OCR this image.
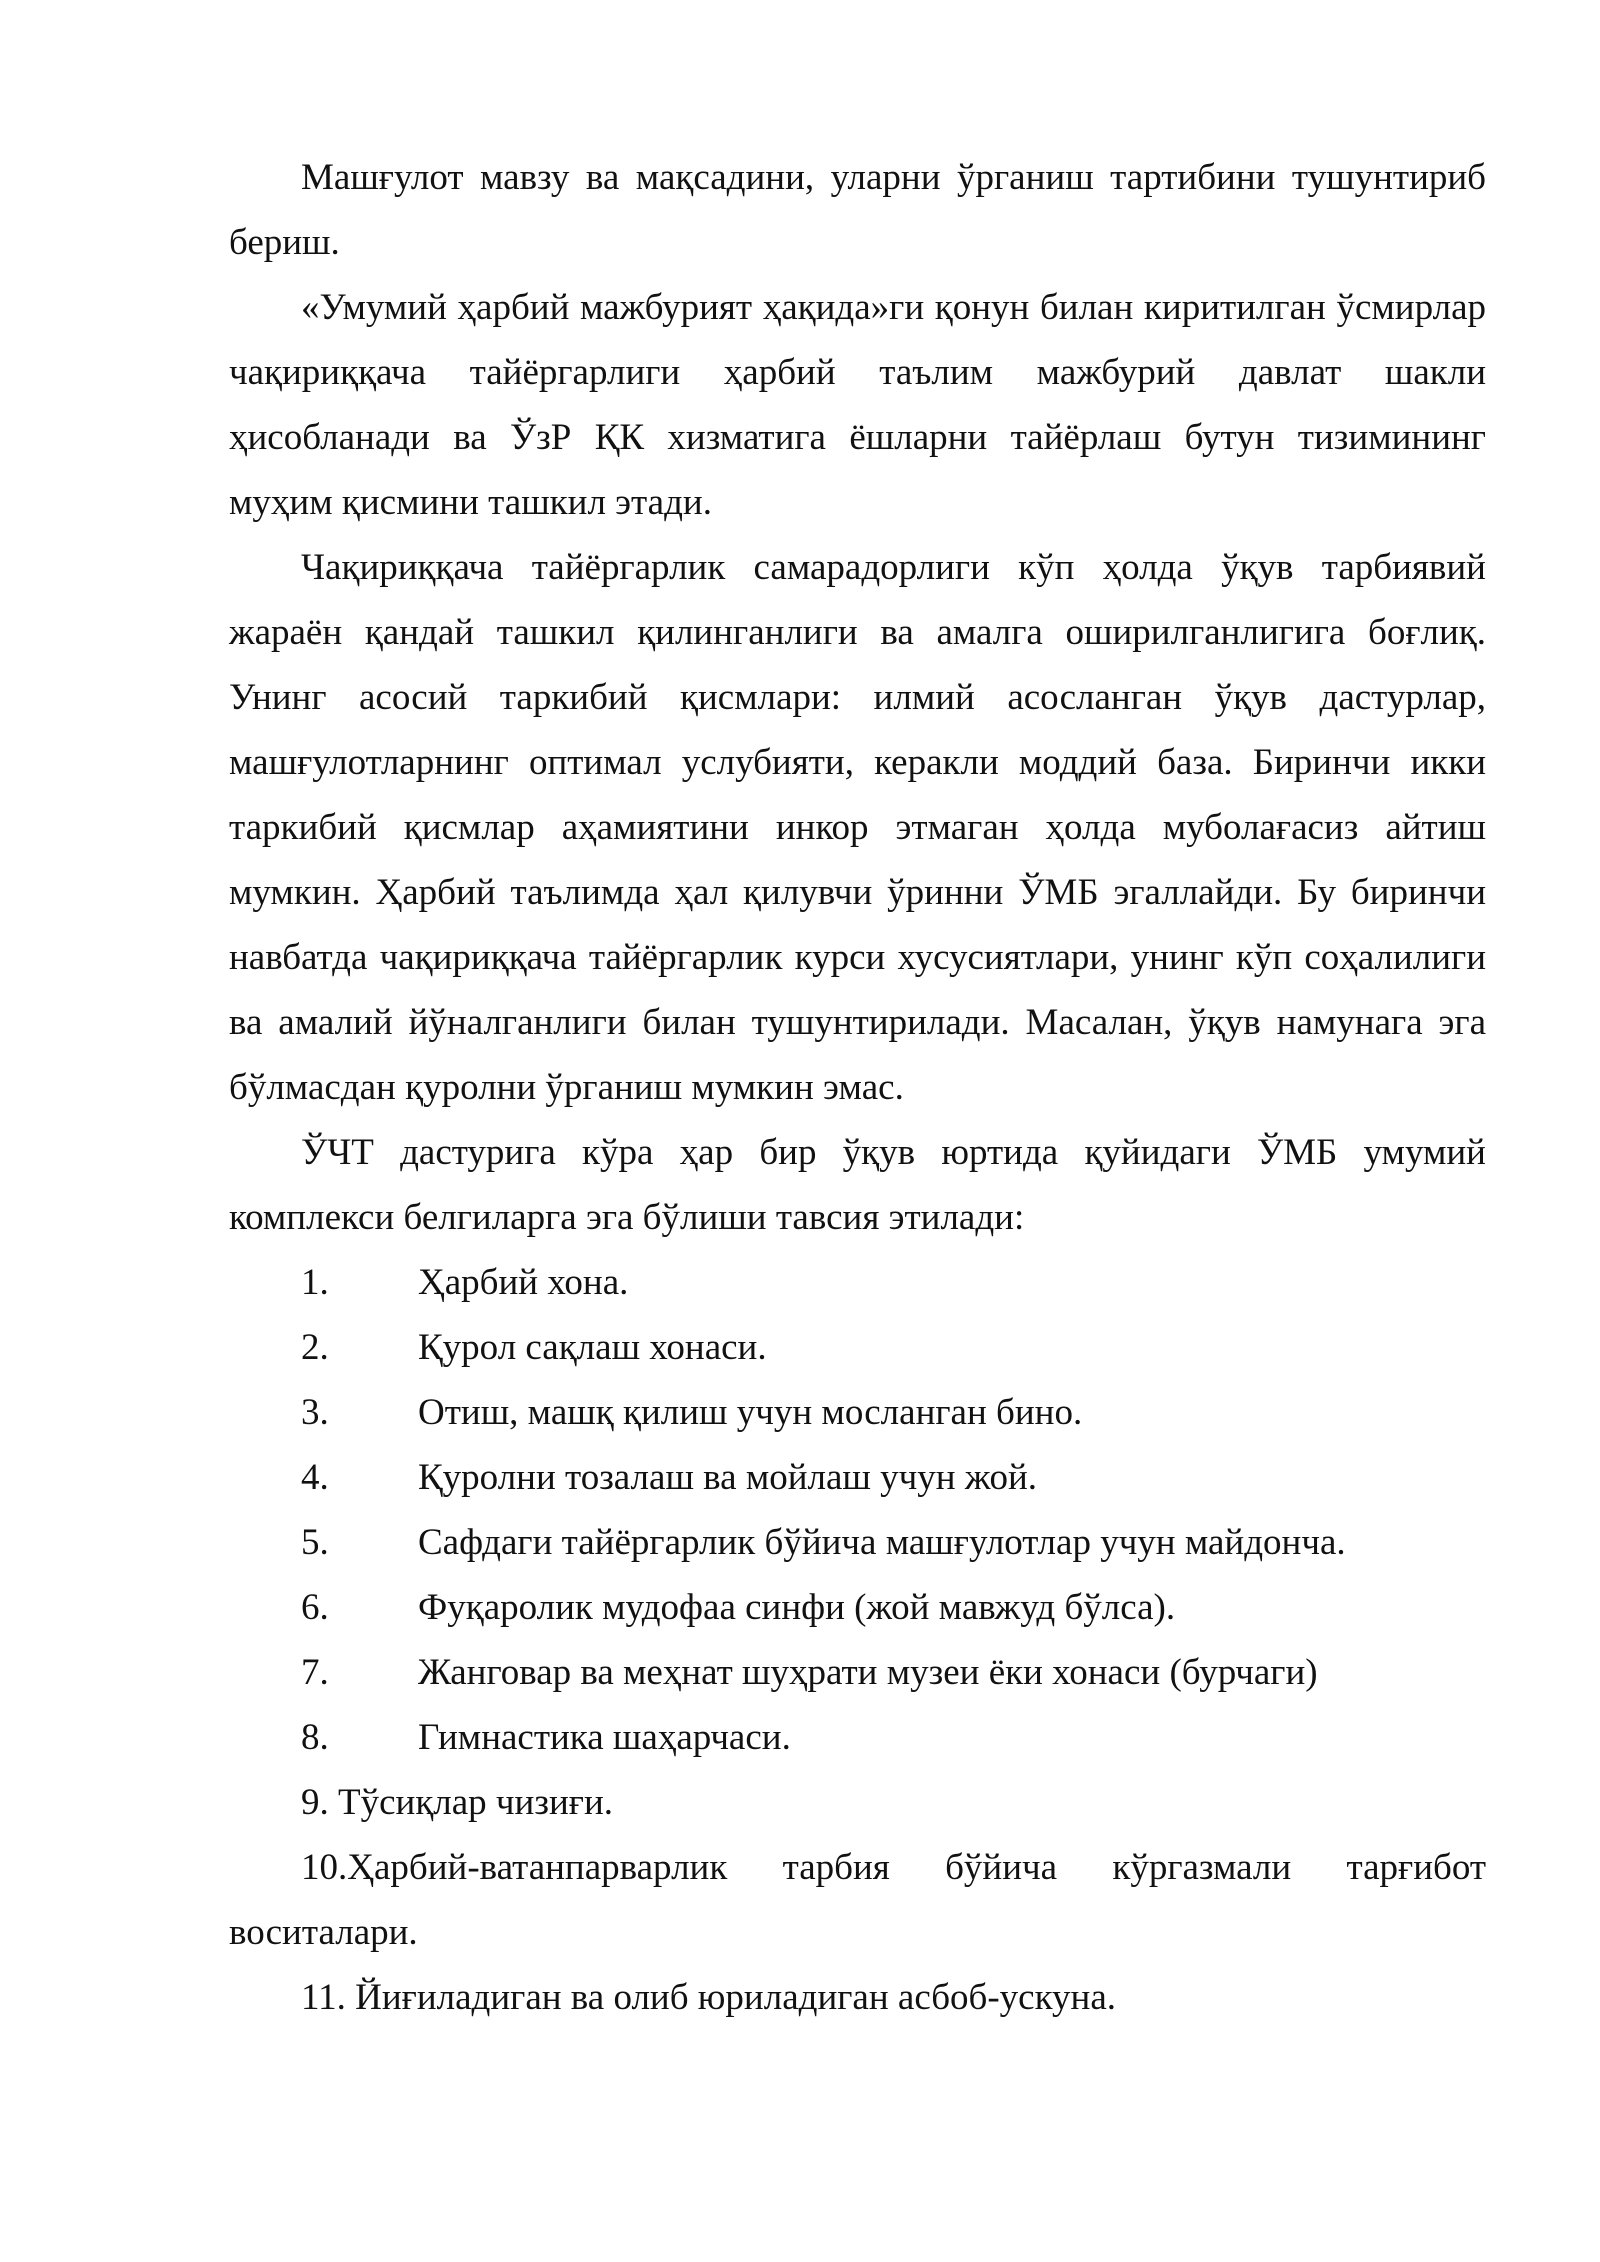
Машғулот мавзу ва мақсадини, уларни ўрганиш тартибини тушунтириб бериш.

«Умумий ҳарбий мажбурият ҳақида»ги қонун билан киритилган ўсмирлар чақириққача тайёргарлиги ҳарбий таълим мажбурий давлат шакли ҳисобланади ва ЎзР ҚК хизматига ёшларни тайёрлаш бутун тизимининг муҳим қисмини ташкил этади.

Чақириққача тайёргарлик самарадорлиги кўп ҳолда ўқув тарбиявий жараён қандай ташкил қилинганлиги ва амалга оширилганлигига боғлиқ. Унинг асосий таркибий қисмлари: илмий асосланган ўқув дастурлар, машғулотларнинг оптимал услубияти, керакли моддий база. Биринчи икки таркибий қисмлар аҳамиятини инкор этмаган ҳолда муболағасиз айтиш мумкин. Ҳарбий таълимда ҳал қилувчи ўринни ЎМБ эгаллайди. Бу биринчи навбатда чақириққача тайёргарлик курси хусусиятлари, унинг кўп соҳалилиги ва амалий йўналганлиги билан тушунтирилади. Масалан, ўқув намунага эга бўлмасдан қуролни ўрганиш мумкин эмас.

ЎЧТ дастурига кўра ҳар бир ўқув юртида қуйидаги ЎМБ умумий комплекси белгиларга эга бўлиши тавсия этилади:

1.	Ҳарбий хона.
2.	Қурол сақлаш хонаси.
3.	Отиш, машқ қилиш учун мосланган бино.
4.	Қуролни тозалаш ва мойлаш учун жой.
5.	Сафдаги тайёргарлик бўйича машғулотлар учун майдонча.
6.	Фуқаролик мудофаа синфи (жой мавжуд бўлса).
7.	Жанговар ва меҳнат шуҳрати музеи ёки хонаси (бурчаги)
8.	Гимнастика шаҳарчаси.

9. Тўсиқлар чизиғи.

10.Ҳарбий-ватанпарварлик тарбия бўйича кўргазмали тарғибот воситалари.

11. Йиғиладиган ва олиб юриладиган асбоб-ускуна.
